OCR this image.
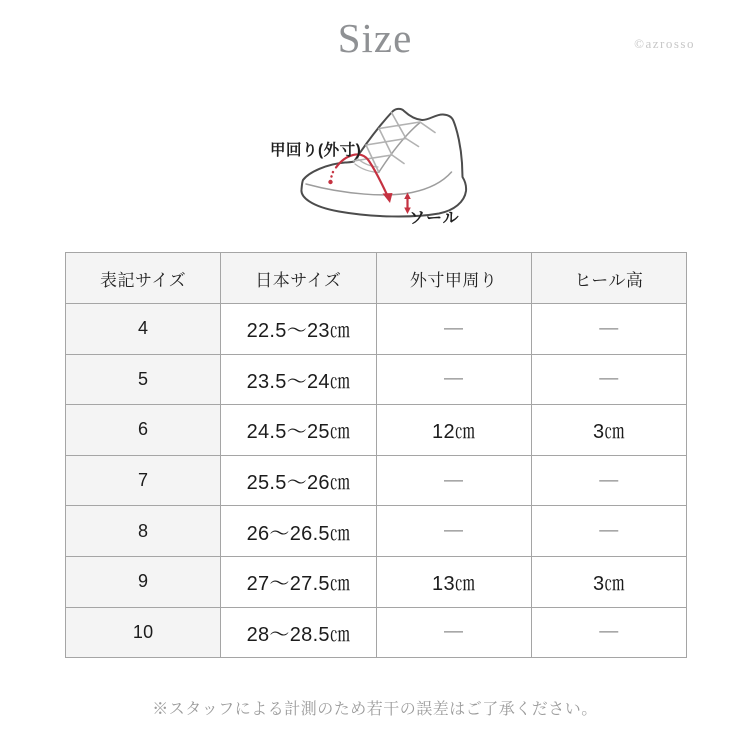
Size	©azrosso
甲回り(外寸)
ソール
表記サイズ	日本サイズ	外寸甲周り	ヒール高
4	22.5〜23㎝	—	—
5	23.5〜24㎝	—	—
6	24.5〜25㎝	12㎝	3㎝
7	25.5〜26㎝	—	—
8	26〜26.5㎝	—	—
9	27〜27.5㎝	13㎝	3㎝
10	28〜28.5㎝	—	—

※スタッフによる計測のため若干の誤差はご了承ください。
